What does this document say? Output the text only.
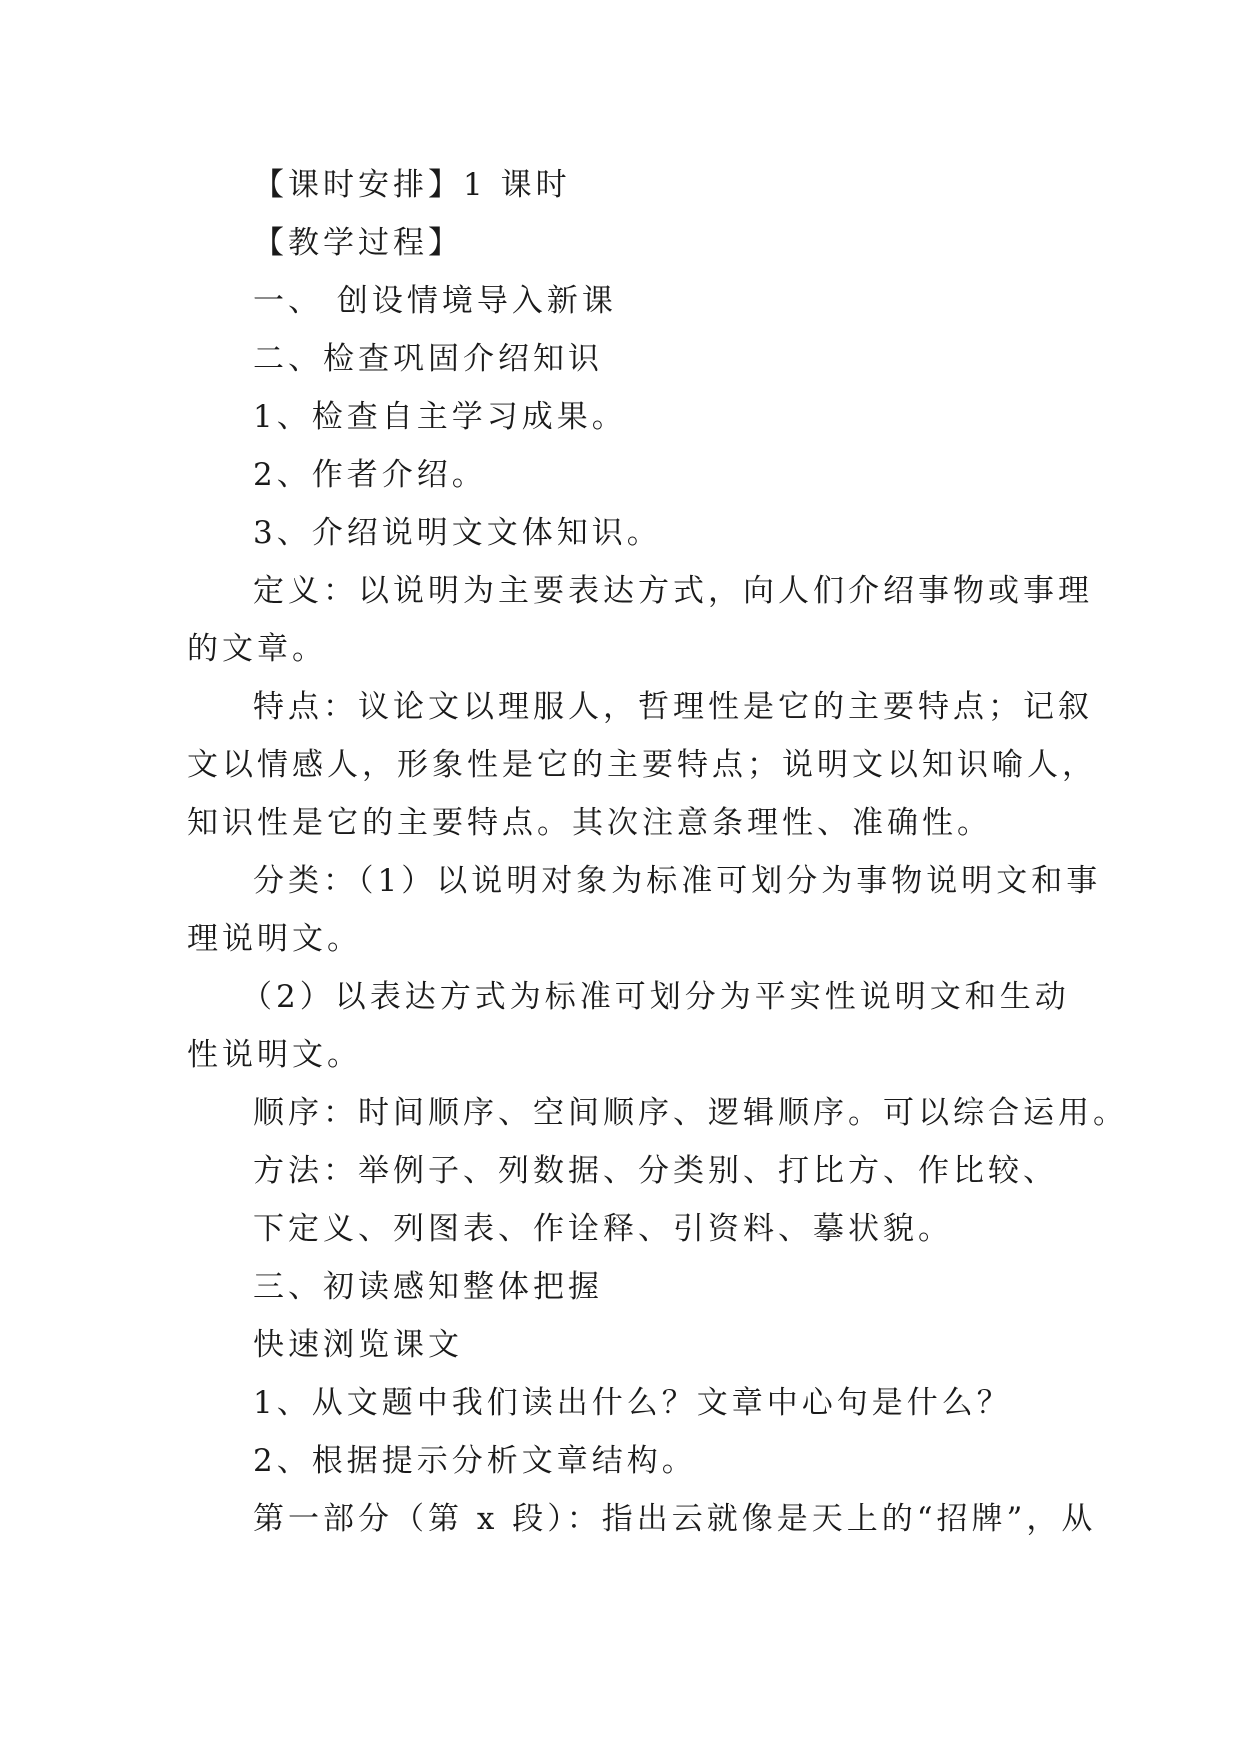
【课时安排】1 课时
【教学过程】
一、 创设情境导入新课
二、检查巩固介绍知识
1、检查自主学习成果。
2、作者介绍。
3、介绍说明文文体知识。
定义：以说明为主要表达方式，向人们介绍事物或事理
的文章。
特点：议论文以理服人，哲理性是它的主要特点；记叙
文以情感人，形象性是它的主要特点；说明文以知识喻人，
知识性是它的主要特点。其次注意条理性、准确性。
分类：（1）以说明对象为标准可划分为事物说明文和事
理说明文。
（2）以表达方式为标准可划分为平实性说明文和生动
性说明文。
顺序：时间顺序、空间顺序、逻辑顺序。可以综合运用。
方法：举例子、列数据、分类别、打比方、作比较、
下定义、列图表、作诠释、引资料、摹状貌。
三、初读感知整体把握
快速浏览课文
1、从文题中我们读出什么？文章中心句是什么？
2、根据提示分析文章结构。
第一部分（第 x 段）：指出云就像是天上的“招牌”，从
